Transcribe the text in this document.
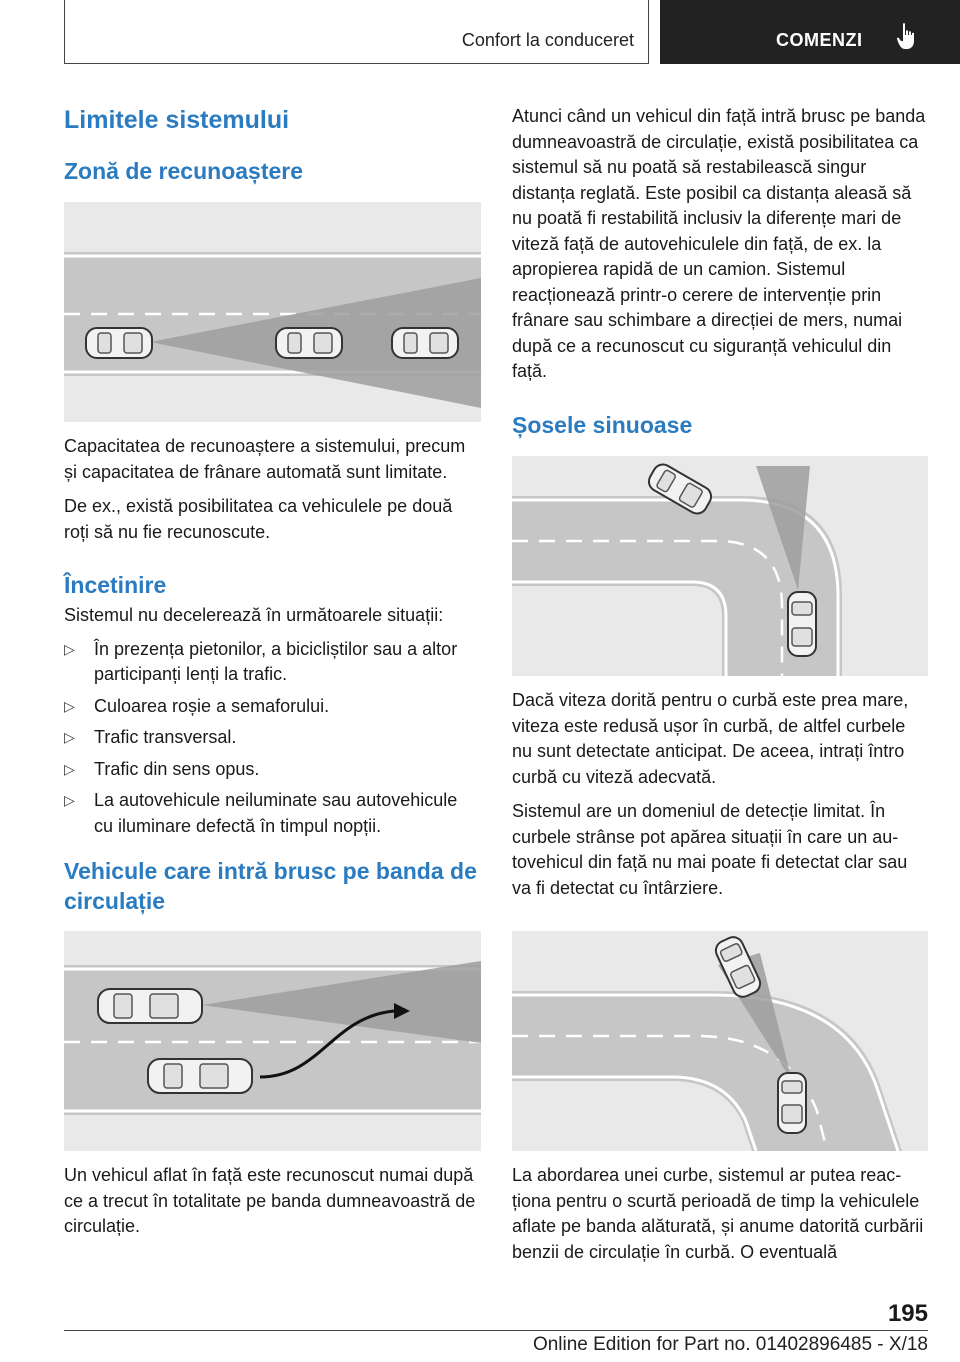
Confort la conduceret	COMENZI
Limitele sistemului
Zonă de recunoaștere

Capacitatea de recunoaștere a sistemului, precum și capacitatea de frânare automată sunt limitate.

De ex., există posibilitatea ca vehiculele pe două roți să nu fie recunoscute.

Încetinire

Sistemul nu decelerează în următoarele situații:

▷ În prezența pietonilor, a bicicliștilor sau a altor participanți lenți la trafic.
▷ Culoarea roșie a semaforului.
▷ Trafic transversal.
▷ Trafic din sens opus.
▷ La autovehicule neiluminate sau autovehicule cu iluminare defectă în timpul nopții.
Vehicule care intră brusc pe banda de circulație

Un vehicul aflat în față este recunoscut numai după ce a trecut în totalitate pe banda dumneavoastră de circulație.

Atunci când un vehicul din față intră brusc pe banda dumneavoastră de circulație, există posibilitatea ca sistemul să nu poată să restabilească singur distanța reglată. Este posibil ca distanța aleasă să nu poată fi restabilită inclusiv la diferențe mari de viteză față de autovehiculele din față, de ex. la apropierea rapidă de un camion. Sistemul reacționează printr-o cerere de intervenție prin frânare sau schimbare a direcției de mers, numai după ce a recunoscut cu siguranță vehiculul din față.

Șosele sinuoase

Dacă viteza dorită pentru o curbă este prea mare, viteza este redusă ușor în curbă, de altfel curbele nu sunt detectate anticipat. De aceea, intrați întro curbă cu viteză adecvată.

Sistemul are un domeniul de detecție limitat. În curbele strânse pot apărea situații în care un autovehicul din față nu mai poate fi detectat clar sau va fi detectat cu întârziere.

La abordarea unei curbe, sistemul ar putea reacționa pentru o scurtă perioadă de timp la vehiculele aflate pe banda alăturată, și anume datorită curbării benzii de circulație în curbă. O eventuală

195
Online Edition for Part no. 01402896485 - X/18
